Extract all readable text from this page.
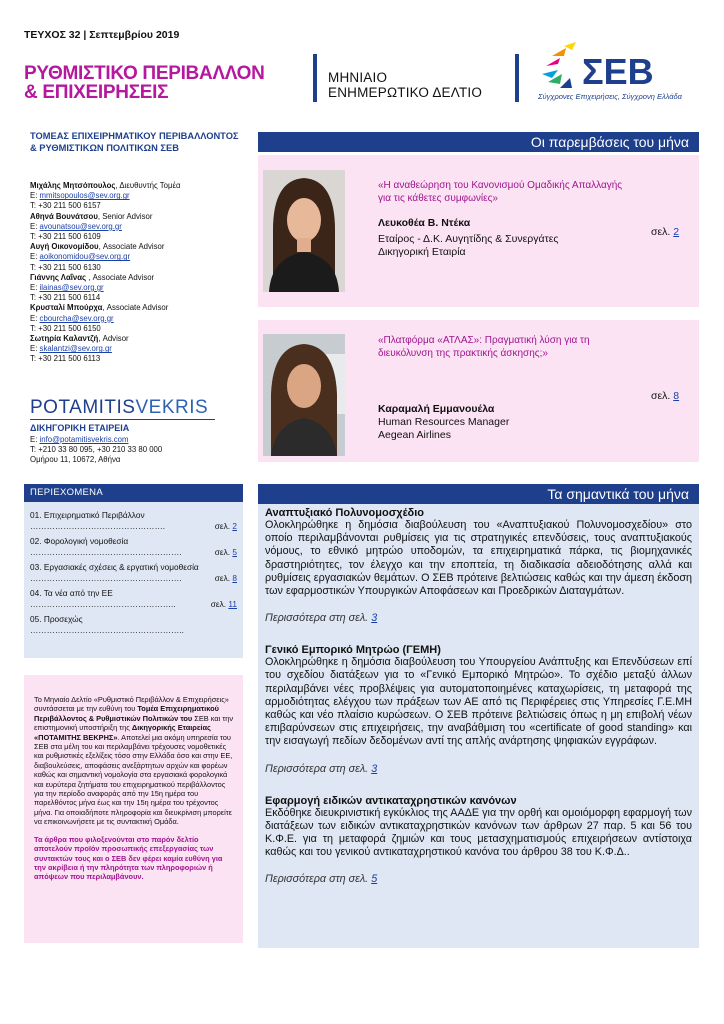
ΤΕΥΧΟΣ 32 | Σεπτεμβρίου 2019
ΡΥΘΜΙΣΤΙΚΟ ΠΕΡΙΒΑΛΛΟΝ
& ΕΠΙΧΕΙΡΗΣΕΙΣ
ΜΗΝΙΑΙΟ
ΕΝΗΜΕΡΩΤΙΚΟ ΔΕΛΤΙΟ
ΣΕΒ
Σύγχρονες Επιχειρήσεις, Σύγχρονη Ελλάδα
ΤΟΜΕΑΣ ΕΠΙΧΕΙΡΗΜΑΤΙΚΟΥ ΠΕΡΙΒΑΛΛΟΝΤΟΣ & ΡΥΘΜΙΣΤΙΚΩΝ ΠΟΛΙΤΙΚΩΝ ΣΕΒ
Μιχάλης Μητσόπουλος, Διευθυντής Τομέα
E: mmitsopoulos@sev.org.gr
T: +30 211 500 6157
Αθηνά Βουνάτσου, Senior Advisor
E: avounatsou@sev.org.gr
T: +30 211 500 6109
Αυγή Οικονομίδου, Associate Advisor
E: aoikonomidou@sev.org.gr
T: +30 211 500 6130
Γιάννης Λαΐνας , Associate Advisor
E: ilainas@sev.org.gr
T: +30 211 500 6114
Κρυσταλί Μπούρχα, Associate Advisor
E: cbourcha@sev.org.gr
T: +30 211 500 6150
Σωτηρία Καλαντζή, Advisor
E: skalantzi@sev.org.gr
T: +30 211 500 6113
POTAMITISVEKRIS
ΔΙΚΗΓΟΡΙΚΗ ΕΤΑΙΡΕΙΑ
E: info@potamitisvekris.com
T: +210 33 80 095, +30 210 33 80 000
Ομήρου 11, 10672, Αθήνα
Οι παρεμβάσεις του μήνα
«Η αναθεώρηση του Κανονισμού Ομαδικής Απαλλαγής για τις κάθετες συμφωνίες»
Λευκοθέα Β. Ντέκα
Εταίρος - Δ.Κ. Αυγητίδης & Συνεργάτες
Δικηγορική Εταιρία
σελ. 2
«Πλατφόρμα «ΑΤΛΑΣ»: Πραγματική λύση για τη διευκόλυνση της πρακτικής άσκησης;»
Καραμαλή Εμμανουέλα
Human Resources Manager
Aegean Airlines
σελ. 8
ΠΕΡΙΕΧΟΜΕΝΑ
01. Επιχειρηματικό Περιβάλλον
………………………………………….	σελ. 2
02. Φορολογική νομοθεσία
……………………………………………….	σελ. 5
03. Εργασιακές σχέσεις & εργατική νομοθεσία
……………………………………………….	σελ. 8
04. Τα νέα από την ΕΕ
……………………………………………..	σελ. 11
05. Προσεχώς
………………………………………………..
Το Μηνιαίο Δελτίο «Ρυθμιστικό Περιβάλλον & Επιχειρήσεις» συντάσσεται με την ευθύνη του Τομέα Επιχειρηματικού Περιβάλλοντος & Ρυθμιστικών Πολιτικών του ΣΕΒ και την επιστημονική υποστήριξη της Δικηγορικής Εταιρείας «ΠΟΤΑΜΙΤΗΣ ΒΕΚΡΗΣ». Αποτελεί μια ακόμη υπηρεσία του ΣΕΒ στα μέλη του και περιλαμβάνει τρέχουσες νομοθετικές και ρυθμιστικές εξελίξεις τόσο στην Ελλάδα όσο και στην ΕΕ, διαβουλεύσεις, αποφάσεις ανεξάρτητων αρχών και φορέων καθώς και σημαντική νομολογία στα εργασιακά φορολογικά και ευρύτερα ζητήματα του επιχειρηματικού περιβάλλοντος για την περίοδο αναφοράς από την 15η ημέρα του παρελθόντος μήνα έως και την 15η ημέρα του τρέχοντος μήνα. Για οποιαδήποτε πληροφορία και διευκρίνιση μπορείτε να επικοινωνήσετε με τις συντακτική Ομάδα.
Τα άρθρα που φιλοξενούνται στο παρόν δελτίο αποτελούν προϊόν προσωπικής επεξεργασίας των συντακτών τους και ο ΣΕΒ δεν φέρει καμία ευθύνη για την ακρίβεια ή την πληρότητα των πληροφοριών ή απόψεων που περιλαμβάνουν.
Τα σημαντικά του μήνα
Αναπτυξιακό Πολυνομοσχέδιο
Ολοκληρώθηκε η δημόσια διαβούλευση του «Αναπτυξιακού Πολυνομοσχεδίου» στο οποίο περιλαμβάνονται ρυθμίσεις για τις στρατηγικές επενδύσεις, τους αναπτυξιακούς νόμους, το εθνικό μητρώο υποδομών, τα επιχειρηματικά πάρκα, τις βιομηχανικές δραστηριότητες, τον έλεγχο και την εποπτεία, τη διαδικασία αδειοδότησης αλλά και ρυθμίσεις εργασιακών θεμάτων. Ο ΣΕΒ πρότεινε βελτιώσεις καθώς και την άμεση έκδοση των εφαρμοστικών Υπουργικών Αποφάσεων και Προεδρικών Διαταγμάτων.
Περισσότερα στη σελ. 3
Γενικό Εμπορικό Μητρώο (ΓΕΜΗ)
Ολοκληρώθηκε η δημόσια διαβούλευση του Υπουργείου Ανάπτυξης και Επενδύσεων επί του σχεδίου διατάξεων για το «Γενικό Εμπορικό Μητρώο». Το σχέδιο μεταξύ άλλων περιλαμβάνει νέες προβλέψεις για αυτοματοποιημένες καταχωρίσεις, τη μεταφορά της αρμοδιότητας ελέγχου των πράξεων των ΑΕ από τις Περιφέρειες στις Υπηρεσίες Γ.Ε.ΜΗ καθώς και νέο πλαίσιο κυρώσεων. Ο ΣΕΒ πρότεινε βελτιώσεις όπως η μη επιβολή νέων επιβαρύνσεων στις επιχειρήσεις, την αναβάθμιση του «certificate of good standing» και την εισαγωγή πεδίων δεδομένων αντί της απλής ανάρτησης ψηφιακών εγγράφων.
Περισσότερα στη σελ. 3
Εφαρμογή ειδικών αντικαταχρηστικών κανόνων
Εκδόθηκε διευκρινιστική εγκύκλιος της ΑΑΔΕ για την ορθή και ομοιόμορφη εφαρμογή των διατάξεων των ειδικών αντικαταχρηστικών κανόνων των άρθρων 27 παρ. 5 και 56 του Κ.Φ.Ε. για τη μεταφορά ζημιών και τους μετασχηματισμούς επιχειρήσεων αντίστοιχα καθώς και του γενικού αντικαταχρηστικού κανόνα του άρθρου 38 του Κ.Φ.Δ..
Περισσότερα στη σελ. 5
